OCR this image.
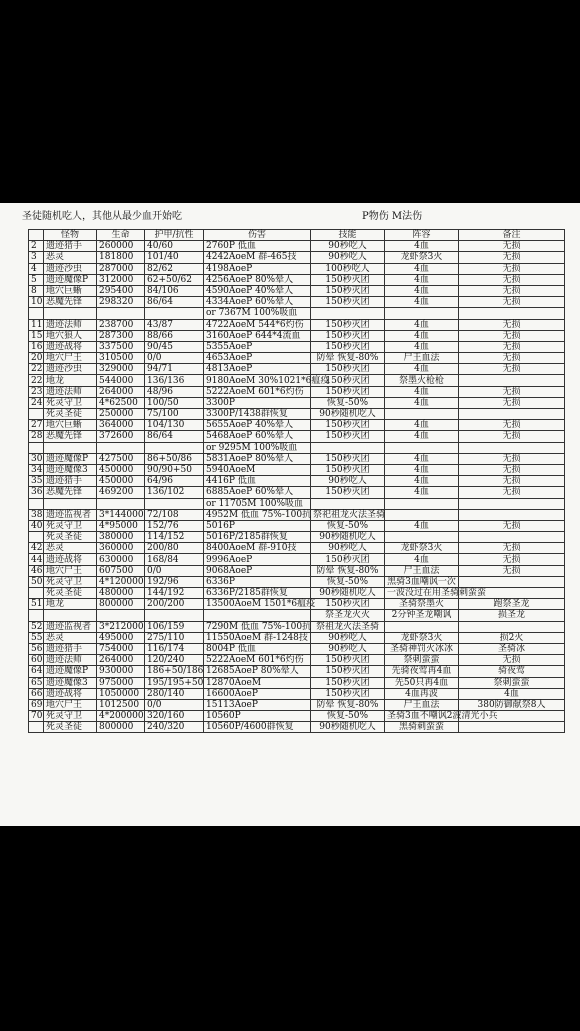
圣徒随机吃人，其他从最少血开始吃	P物伤 M法伤
	怪物	生命	护甲/抗性	伤害	技能	阵容	备注
2	遗迹猎手	260000	40/60	2760P 低血	90秒吃人	4血	无损
3	恶灵	181800	101/40	4242AoeM 群-465技	90秒吃人	龙虾祭3火	无损
4	遗迹沙虫	287000	82/62	4198AoeP	100秒吃人	4血	无损
5	遗迹魔像P	312000	62+50/62	4256AoeP 80%晕人	150秒灭团	4血	无损
8	地穴巨蜥	295400	84/106	4590AoeP 40%晕人	150秒灭团	4血	无损
10	恶魔先锋	298320	86/64	4334AoeP 60%晕人	150秒灭团	4血	无损
				or 7367M 100%吸血			
11	遗迹法师	238700	43/87	4722AoeM 544*6灼伤	150秒灭团	4血	无损
15	地穴狼人	287300	88/66	3160AoeP 644*4流血	150秒灭团	4血	无损
16	遗迹战将	337500	90/45	5355AoeP	150秒灭团	4血	无损
20	地穴尸王	310500	0/0	4653AoeP	防晕 恢复-80%	尸王血法	无损
22	遗迹沙虫	329000	94/71	4813AoeP	150秒灭团	4血	无损
22	地龙	544000	136/136	9180AoeM 30%1021*6瘟疫	150秒灭团	祭墨火枪枪	
23	遗迹法师	264000	48/96	5222AoeM 601*6灼伤	150秒灭团	4血	无损
24	死灵守卫	4*62500	100/50	3300P	恢复-50%	4血	无损
	死灵圣徒	250000	75/100	3300P/1438群恢复	90秒随机吃人		
27	地穴巨蜥	364000	104/130	5655AoeP 40%晕人	150秒灭团	4血	无损
28	恶魔先锋	372600	86/64	5468AoeP 60%晕人	150秒灭团	4血	无损
				or 9295M 100%吸血			
30	遗迹魔像P	427500	86+50/86	5831AoeP 80%晕人	150秒灭团	4血	无损
34	遗迹魔像3	450000	90/90+50	5940AoeM	150秒灭团	4血	无损
35	遗迹猎手	450000	64/96	4416P 低血	90秒吃人	4血	无损
36	恶魔先锋	469200	136/102	6885AoeP 60%晕人	150秒灭团	4血	无损
				or 11705M 100%吸血			
38	遗迹监视者	3*144000	72/108	4952M 低血 75%-100抗	祭祀祖龙火法圣骑		
40	死灵守卫	4*95000	152/76	5016P	恢复-50%	4血	无损
	死灵圣徒	380000	114/152	5016P/2185群恢复	90秒随机吃人		
42	恶灵	360000	200/80	8400AoeM 群-910技	90秒吃人	龙虾祭3火	无损
44	遗迹战将	630000	168/84	9996AoeP	150秒灭团	4血	无损
46	地穴尸王	607500	0/0	9068AoeP	防晕 恢复-80%	尸王血法	无损
50	死灵守卫	4*120000	192/96	6336P	恢复-50%	黑骑3血嘲讽一次	
	死灵圣徒	480000	144/192	6336P/2185群恢复	90秒随机吃人	一波没过在用圣骑刺蛮蛮	
51	地龙	800000	200/200	13500AoeM 1501*6瘟疫	150秒灭团	圣骑祭墨火	跑祭圣龙
					祭圣龙火火	2分钟圣龙嘲讽	损圣龙
52	遗迹监视者	3*212000	106/159	7290M 低血 75%-100抗	祭祖龙火法圣骑		
55	恶灵	495000	275/110	11550AoeM 群-1248技	90秒吃人	龙虾祭3火	损2火
56	遗迹猎手	754000	116/174	8004P 低血	90秒吃人	圣骑神罚火冰冰	圣骑冰
60	遗迹法师	264000	120/240	5222AoeM 601*6灼伤	150秒灭团	祭刺蛮蛮	无损
64	遗迹魔像P	930000	186+50/186	12685AoeP 80%晕人	150秒灭团	先骑夜莺再4血	骑夜莺
65	遗迹魔像3	975000	195/195+50	12870AoeM	150秒灭团	先50只再4血	祭刺蛮蛮
66	遗迹战将	1050000	280/140	16600AoeP	150秒灭团	4血再波	4血
69	地穴尸王	1012500	0/0	15113AoeP	防晕 恢复-80%	尸王血法	380防御献祭8人
70	死灵守卫	4*200000	320/160	10560P	恢复-50%	圣骑3血不嘲讽2波清光小兵	
	死灵圣徒	800000	240/320	10560P/4600群恢复	90秒随机吃人	黑骑刺蛮蛮	
